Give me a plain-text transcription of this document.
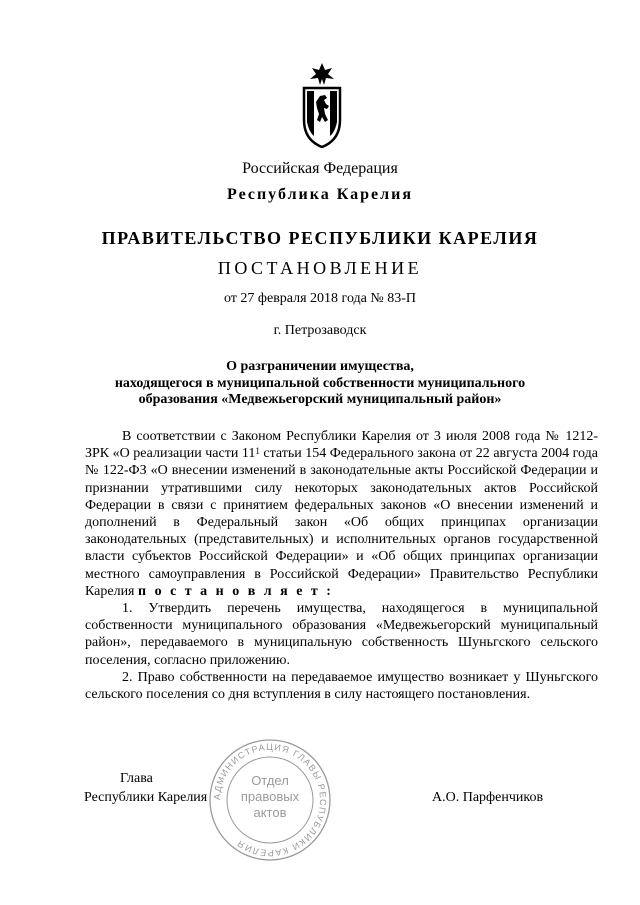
Российская Федерация
Республика Карелия
ПРАВИТЕЛЬСТВО РЕСПУБЛИКИ КАРЕЛИЯ
ПОСТАНОВЛЕНИЕ
от 27 февраля 2018 года № 83-П
г. Петрозаводск
О разграничении имущества,
находящегося в муниципальной собственности муниципального
образования «Медвежьегорский муниципальный район»

В соответствии с Законом Республики Карелия от 3 июля 2008 года № 1212-ЗРК «О реализации части $11^1$ статьи 154 Федерального закона от 22 августа 2004 года № 122-ФЗ «О внесении изменений в законодательные акты Российской Федерации и признании утратившими силу некоторых законодательных актов Российской Федерации в связи с принятием федеральных законов «О внесении изменений и дополнений в Федеральный закон «Об общих принципах организации законодательных (представительных) и исполнительных органов государственной власти субъектов Российской Федерации» и «Об общих принципах организации местного самоуправления в Российской Федерации» Правительство Республики Карелия п о с т а н о в л я е т :

1. Утвердить перечень имущества, находящегося в муниципальной собственности муниципального образования «Медвежьегорский муниципальный район», передаваемого в муниципальную собственность Шуньгского сельского поселения, согласно приложению.

2. Право собственности на передаваемое имущество возникает у Шуньгского сельского поселения со дня вступления в силу настоящего постановления.

Глава
Республики Карелия	А.О. Парфенчиков
АДМИНИСТРАЦИЯ ГЛАВЫ РЕСПУБЛИКИ КАРЕЛИЯ
Отдел
правовых
актов
